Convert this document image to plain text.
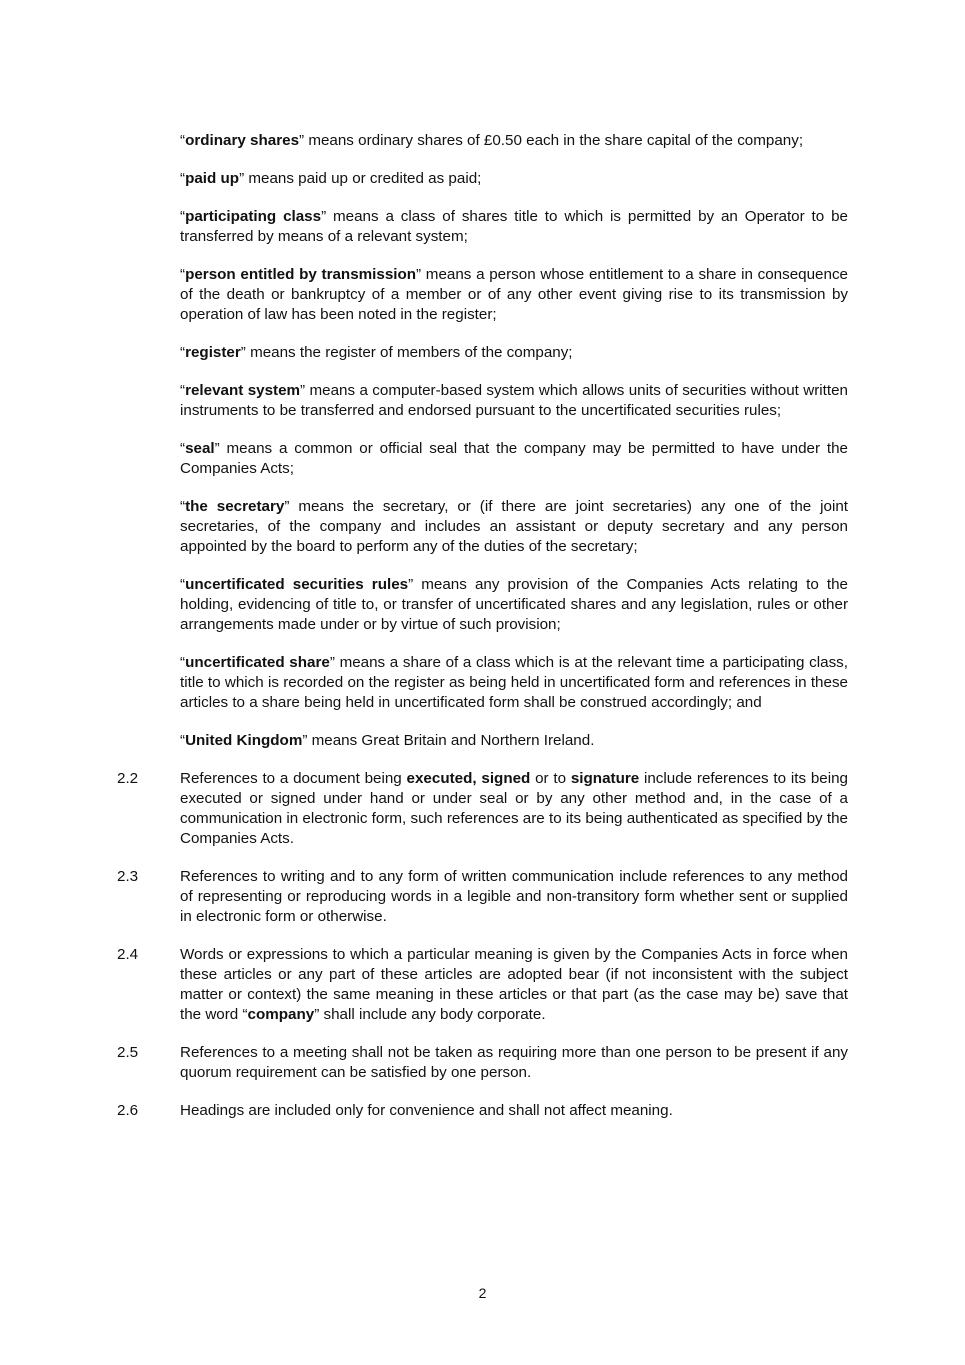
“ordinary shares” means ordinary shares of £0.50 each in the share capital of the company;

“paid up” means paid up or credited as paid;

“participating class” means a class of shares title to which is permitted by an Operator to be transferred by means of a relevant system;

“person entitled by transmission” means a person whose entitlement to a share in consequence of the death or bankruptcy of a member or of any other event giving rise to its transmission by operation of law has been noted in the register;

“register” means the register of members of the company;

“relevant system” means a computer-based system which allows units of securities without written instruments to be transferred and endorsed pursuant to the uncertificated securities rules;

“seal” means a common or official seal that the company may be permitted to have under the Companies Acts;

“the secretary” means the secretary, or (if there are joint secretaries) any one of the joint secretaries, of the company and includes an assistant or deputy secretary and any person appointed by the board to perform any of the duties of the secretary;

“uncertificated securities rules” means any provision of the Companies Acts relating to the holding, evidencing of title to, or transfer of uncertificated shares and any legislation, rules or other arrangements made under or by virtue of such provision;

“uncertificated share” means a share of a class which is at the relevant time a participating class, title to which is recorded on the register as being held in uncertificated form and references in these articles to a share being held in uncertificated form shall be construed accordingly; and

“United Kingdom” means Great Britain and Northern Ireland.

2.2	References to a document being executed, signed or to signature include references to its being executed or signed under hand or under seal or by any other method and, in the case of a communication in electronic form, such references are to its being authenticated as specified by the Companies Acts.

2.3	References to writing and to any form of written communication include references to any method of representing or reproducing words in a legible and non-transitory form whether sent or supplied in electronic form or otherwise.

2.4	Words or expressions to which a particular meaning is given by the Companies Acts in force when these articles or any part of these articles are adopted bear (if not inconsistent with the subject matter or context) the same meaning in these articles or that part (as the case may be) save that the word “company” shall include any body corporate.

2.5	References to a meeting shall not be taken as requiring more than one person to be present if any quorum requirement can be satisfied by one person.

2.6	Headings are included only for convenience and shall not affect meaning.

2
